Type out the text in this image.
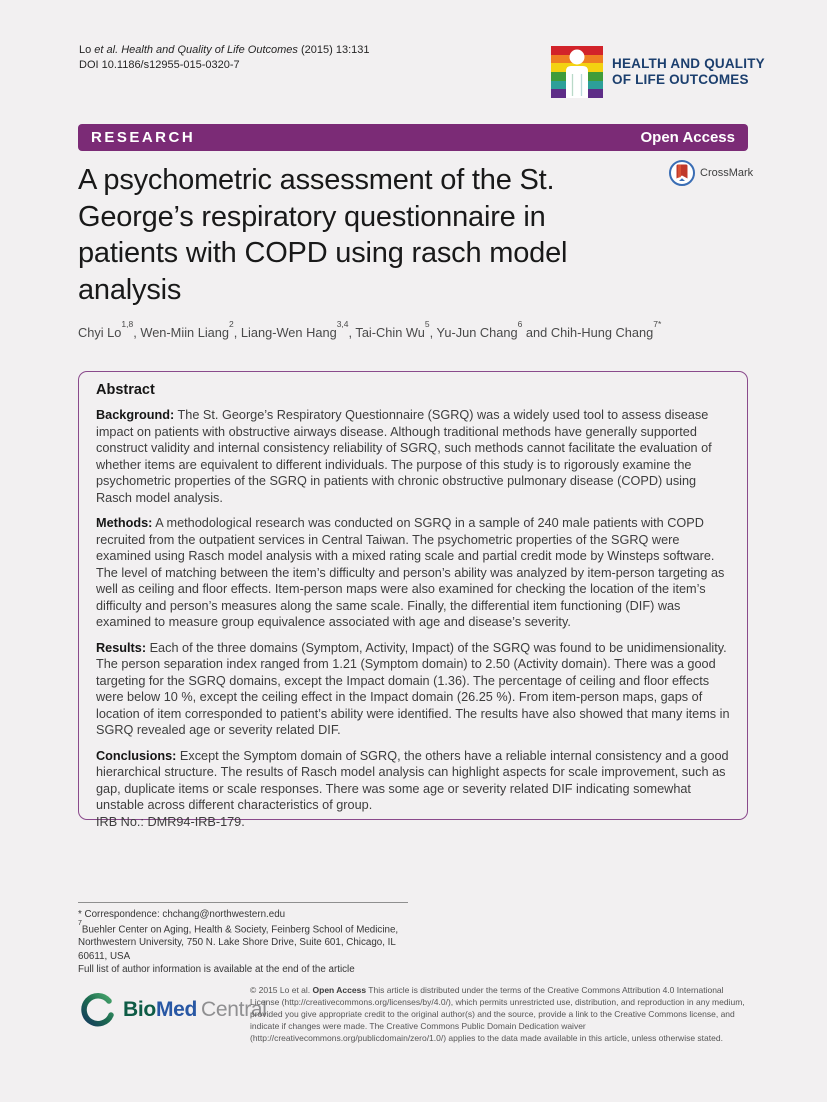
Lo et al. Health and Quality of Life Outcomes (2015) 13:131
DOI 10.1186/s12955-015-0320-7	HEALTH AND QUALITY
OF LIFE OUTCOMES
RESEARCH	Open Access
CrossMark
A psychometric assessment of the St.
George’s respiratory questionnaire in
patients with COPD using rasch model
analysis
Chyi Lo$^{1,8}$, Wen-Miin Liang$^2$, Liang-Wen Hang$^{3,4}$, Tai-Chin Wu$^5$, Yu-Jun Chang$^6$ and Chih-Hung Chang$^{7*}$
Abstract

Background: The St. George’s Respiratory Questionnaire (SGRQ) was a widely used tool to assess disease impact on patients with obstructive airways disease. Although traditional methods have generally supported construct validity and internal consistency reliability of SGRQ, such methods cannot facilitate the evaluation of whether items are equivalent to different individuals. The purpose of this study is to rigorously examine the psychometric properties of the SGRQ in patients with chronic obstructive pulmonary disease (COPD) using Rasch model analysis.

Methods: A methodological research was conducted on SGRQ in a sample of 240 male patients with COPD recruited from the outpatient services in Central Taiwan. The psychometric properties of the SGRQ were examined using Rasch model analysis with a mixed rating scale and partial credit mode by Winsteps software. The level of matching between the item’s difficulty and person’s ability was analyzed by item-person targeting as well as ceiling and floor effects. Item-person maps were also examined for checking the location of the item’s difficulty and person’s measures along the same scale. Finally, the differential item functioning (DIF) was examined to measure group equivalence associated with age and disease’s severity.

Results: Each of the three domains (Symptom, Activity, Impact) of the SGRQ was found to be unidimensionality. The person separation index ranged from 1.21 (Symptom domain) to 2.50 (Activity domain). There was a good targeting for the SGRQ domains, except the Impact domain (1.36). The percentage of ceiling and floor effects were below 10 %, except the ceiling effect in the Impact domain (26.25 %). From item-person maps, gaps of location of item corresponded to patient’s ability were identified. The results have also showed that many items in SGRQ revealed age or severity related DIF.

Conclusions: Except the Symptom domain of SGRQ, the others have a reliable internal consistency and a good hierarchical structure. The results of Rasch model analysis can highlight aspects for scale improvement, such as gap, duplicate items or scale responses. There was some age or severity related DIF indicating somewhat unstable across different characteristics of group.

IRB No.: DMR94-IRB-179.
* Correspondence: chchang@northwestern.edu
$^7$Buehler Center on Aging, Health & Society, Feinberg School of Medicine, Northwestern University, 750 N. Lake Shore Drive, Suite 601, Chicago, IL 60611, USA
Full list of author information is available at the end of the article
BioMed Central
© 2015 Lo et al. Open Access This article is distributed under the terms of the Creative Commons Attribution 4.0 International License (http://creativecommons.org/licenses/by/4.0/), which permits unrestricted use, distribution, and reproduction in any medium, provided you give appropriate credit to the original author(s) and the source, provide a link to the Creative Commons license, and indicate if changes were made. The Creative Commons Public Domain Dedication waiver (http://creativecommons.org/publicdomain/zero/1.0/) applies to the data made available in this article, unless otherwise stated.
